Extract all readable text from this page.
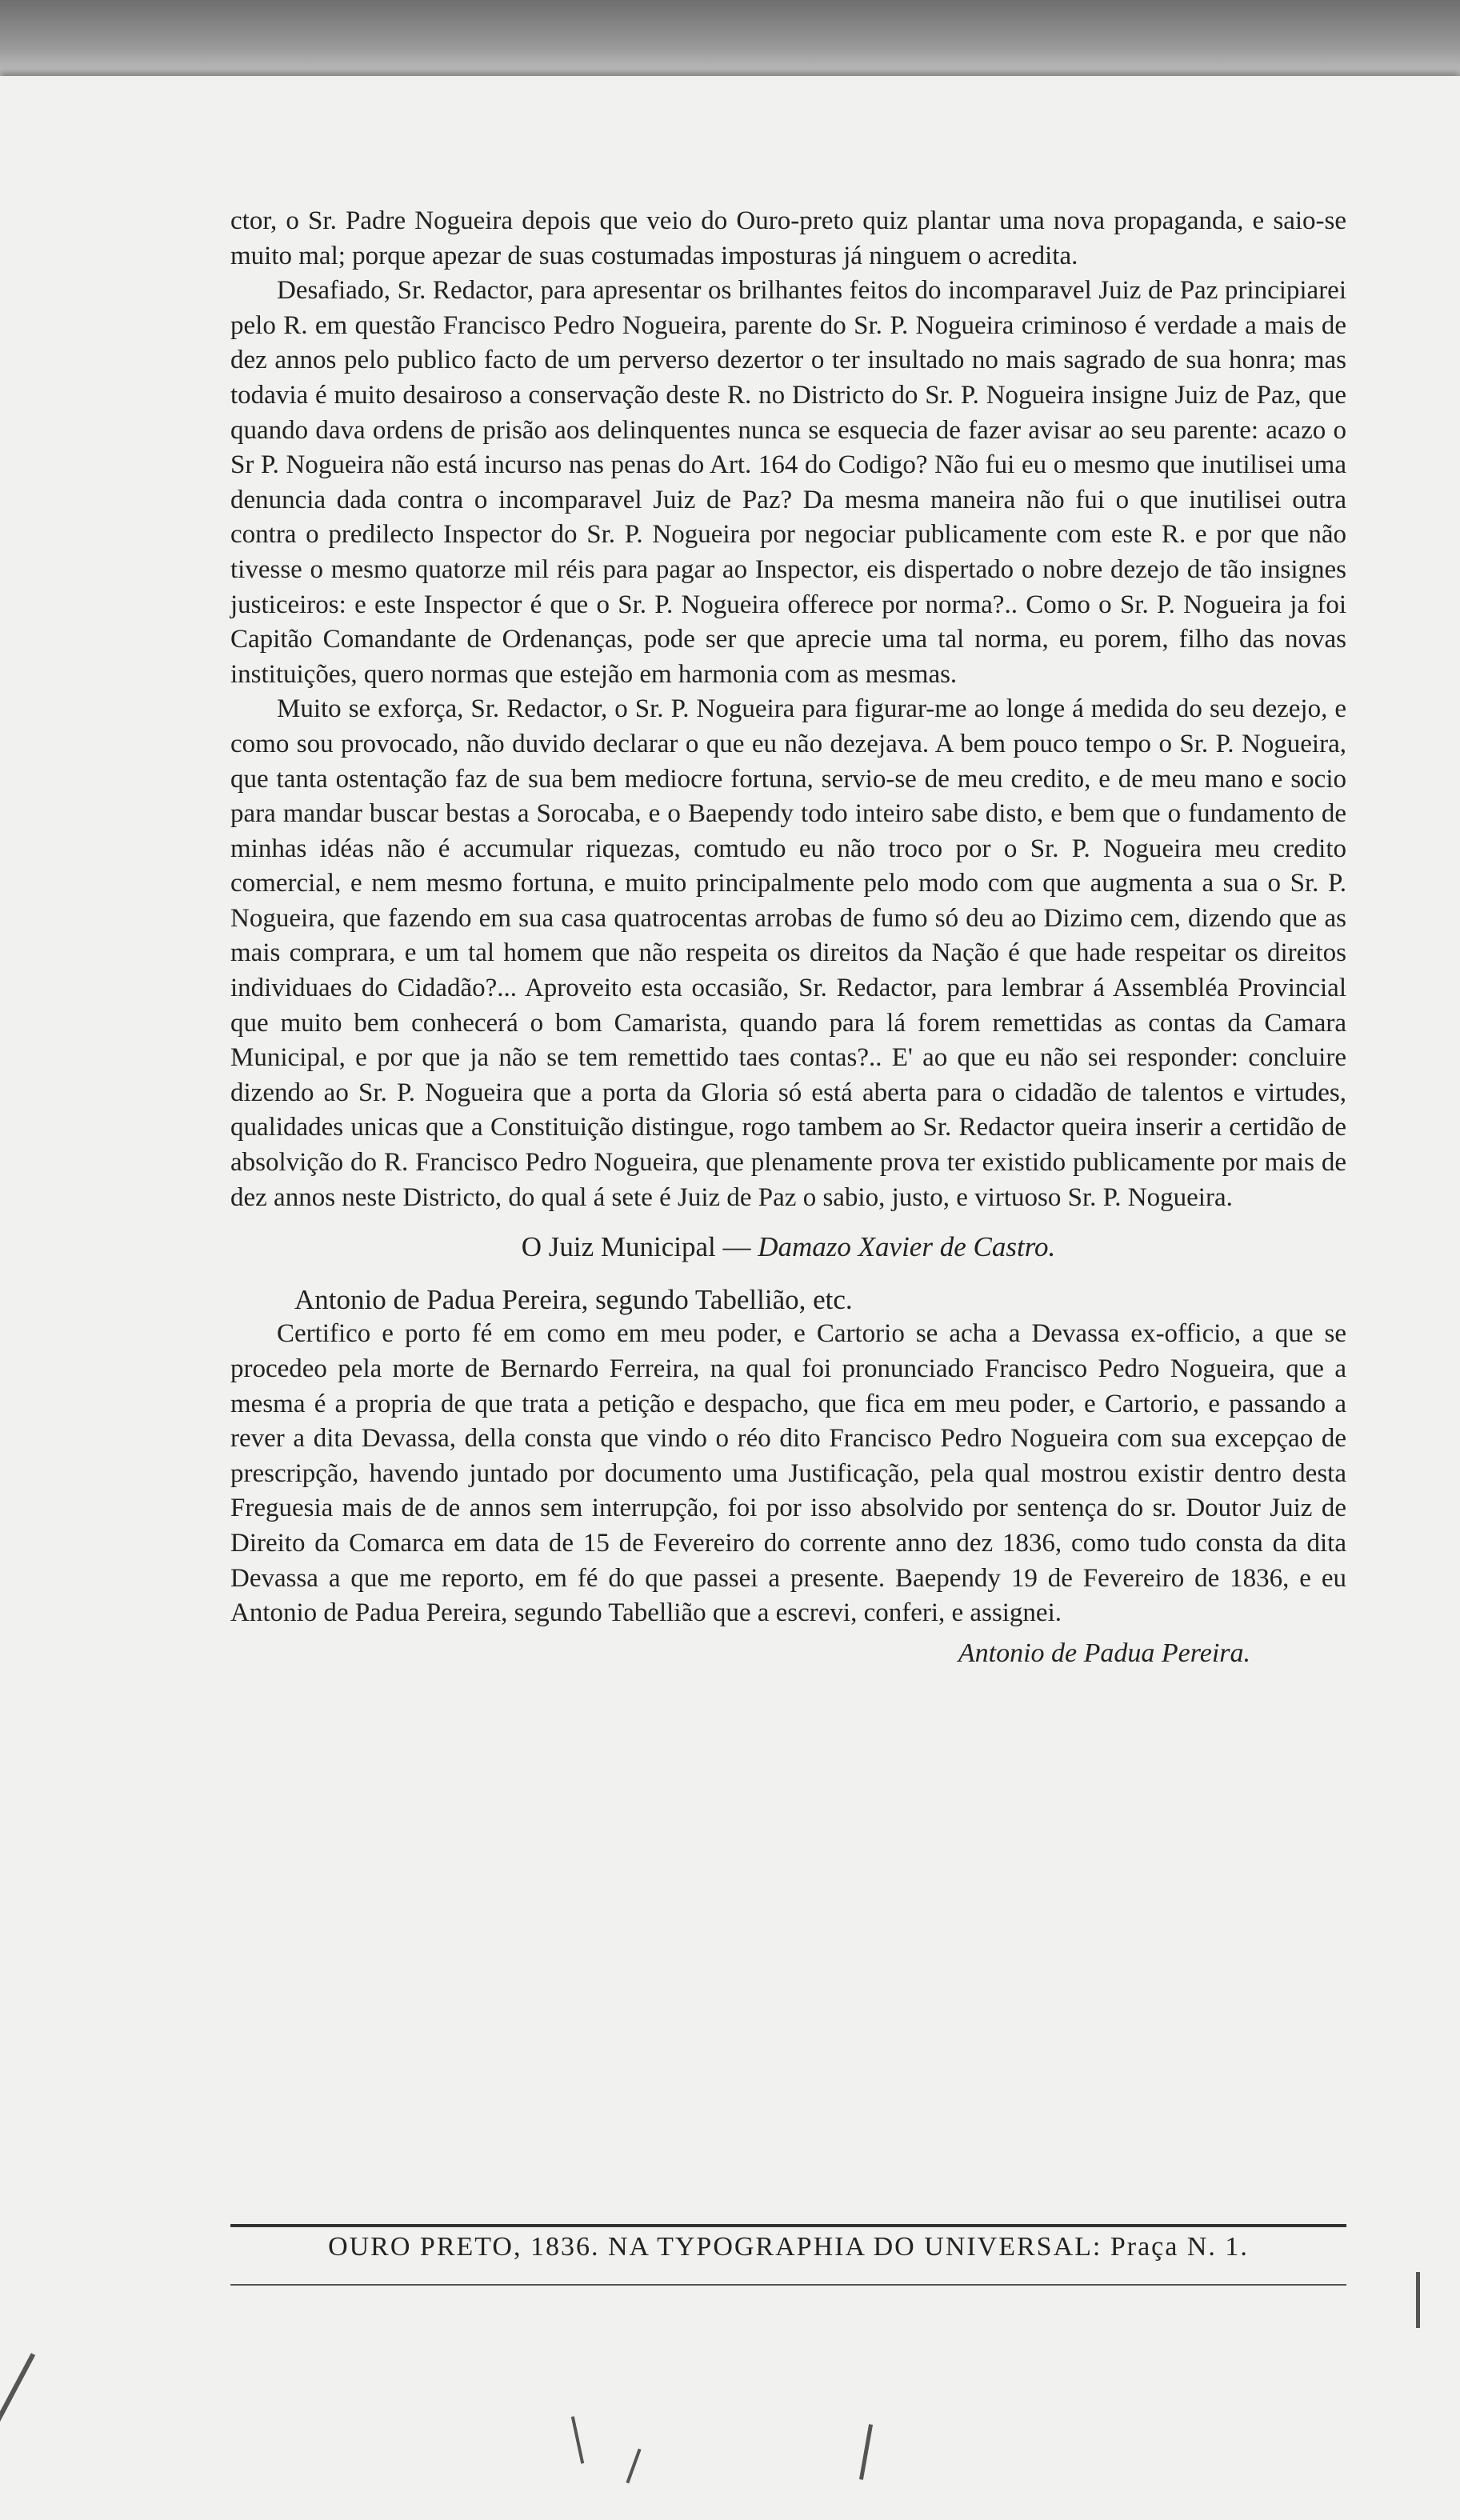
ctor, o Sr. Padre Nogueira depois que veio do Ouro-preto quiz plantar uma nova propaganda, e saio-se muito mal; porque apezar de suas costumadas imposturas já ninguem o acredita.

Desafiado, Sr. Redactor, para apresentar os brilhantes feitos do incomparavel Juiz de Paz principiarei pelo R. em questão Francisco Pedro Nogueira, parente do Sr. P. Nogueira criminoso é verdade a mais de dez annos pelo publico facto de um perverso dezertor o ter insultado no mais sagrado de sua honra; mas todavia é muito desairoso a conservação deste R. no Districto do Sr. P. Nogueira insigne Juiz de Paz, que quando dava ordens de prisão aos delinquentes nunca se esquecia de fazer avisar ao seu parente: acazo o Sr P. Nogueira não está incurso nas penas do Art. 164 do Codigo? Não fui eu o mesmo que inutilisei uma denuncia dada contra o incomparavel Juiz de Paz? Da mesma maneira não fui o que inutilisei outra contra o predilecto Inspector do Sr. P. Nogueira por negociar publicamente com este R. e por que não tivesse o mesmo quatorze mil réis para pagar ao Inspector, eis dispertado o nobre dezejo de tão insignes justiceiros: e este Inspector é que o Sr. P. Nogueira offerece por norma?.. Como o Sr. P. Nogueira ja foi Capitão Comandante de Ordenanças, pode ser que aprecie uma tal norma, eu porem, filho das novas instituições, quero normas que estejão em harmonia com as mesmas.

Muito se exforça, Sr. Redactor, o Sr. P. Nogueira para figurar-me ao longe á medida do seu dezejo, e como sou provocado, não duvido declarar o que eu não dezejava. A bem pouco tempo o Sr. P. Nogueira, que tanta ostentação faz de sua bem mediocre fortuna, servio-se de meu credito, e de meu mano e socio para mandar buscar bestas a Sorocaba, e o Baependy todo inteiro sabe disto, e bem que o fundamento de minhas idéas não é accumular riquezas, comtudo eu não troco por o Sr. P. Nogueira meu credito comercial, e nem mesmo fortuna, e muito principalmente pelo modo com que augmenta a sua o Sr. P. Nogueira, que fazendo em sua casa quatrocentas arrobas de fumo só deu ao Dizimo cem, dizendo que as mais comprara, e um tal homem que não respeita os direitos da Nação é que hade respeitar os direitos individuaes do Cidadão?... Aproveito esta occasião, Sr. Redactor, para lembrar á Assembléa Provincial que muito bem conhecerá o bom Camarista, quando para lá forem remettidas as contas da Camara Municipal, e por que ja não se tem remettido taes contas?.. E' ao que eu não sei responder: concluire dizendo ao Sr. P. Nogueira que a porta da Gloria só está aberta para o cidadão de talentos e virtudes, qualidades unicas que a Constituição distingue, rogo tambem ao Sr. Redactor queira inserir a certidão de absolvição do R. Francisco Pedro Nogueira, que plenamente prova ter existido publicamente por mais de dez annos neste Districto, do qual á sete é Juiz de Paz o sabio, justo, e virtuoso Sr. P. Nogueira.

O Juiz Municipal — Damazo Xavier de Castro.

Antonio de Padua Pereira, segundo Tabellião, etc.

Certifico e porto fé em como em meu poder, e Cartorio se acha a Devassa ex-officio, a que se procedeo pela morte de Bernardo Ferreira, na qual foi pronunciado Francisco Pedro Nogueira, que a mesma é a propria de que trata a petição e despacho, que fica em meu poder, e Cartorio, e passando a rever a dita Devassa, della consta que vindo o réo dito Francisco Pedro Nogueira com sua excepçao de prescripção, havendo juntado por documento uma Justificação, pela qual mostrou existir dentro desta Freguesia mais de de annos sem interrupção, foi por isso absolvido por sentença do sr. Doutor Juiz de Direito da Comarca em data de 15 de Fevereiro do corrente anno dez 1836, como tudo consta da dita Devassa a que me reporto, em fé do que passei a presente. Baependy 19 de Fevereiro de 1836, e eu Antonio de Padua Pereira, segundo Tabellião que a escrevi, conferi, e assignei.

Antonio de Padua Pereira.

OURO PRETO, 1836. NA TYPOGRAPHIA DO UNIVERSAL: Praça N. 1.
